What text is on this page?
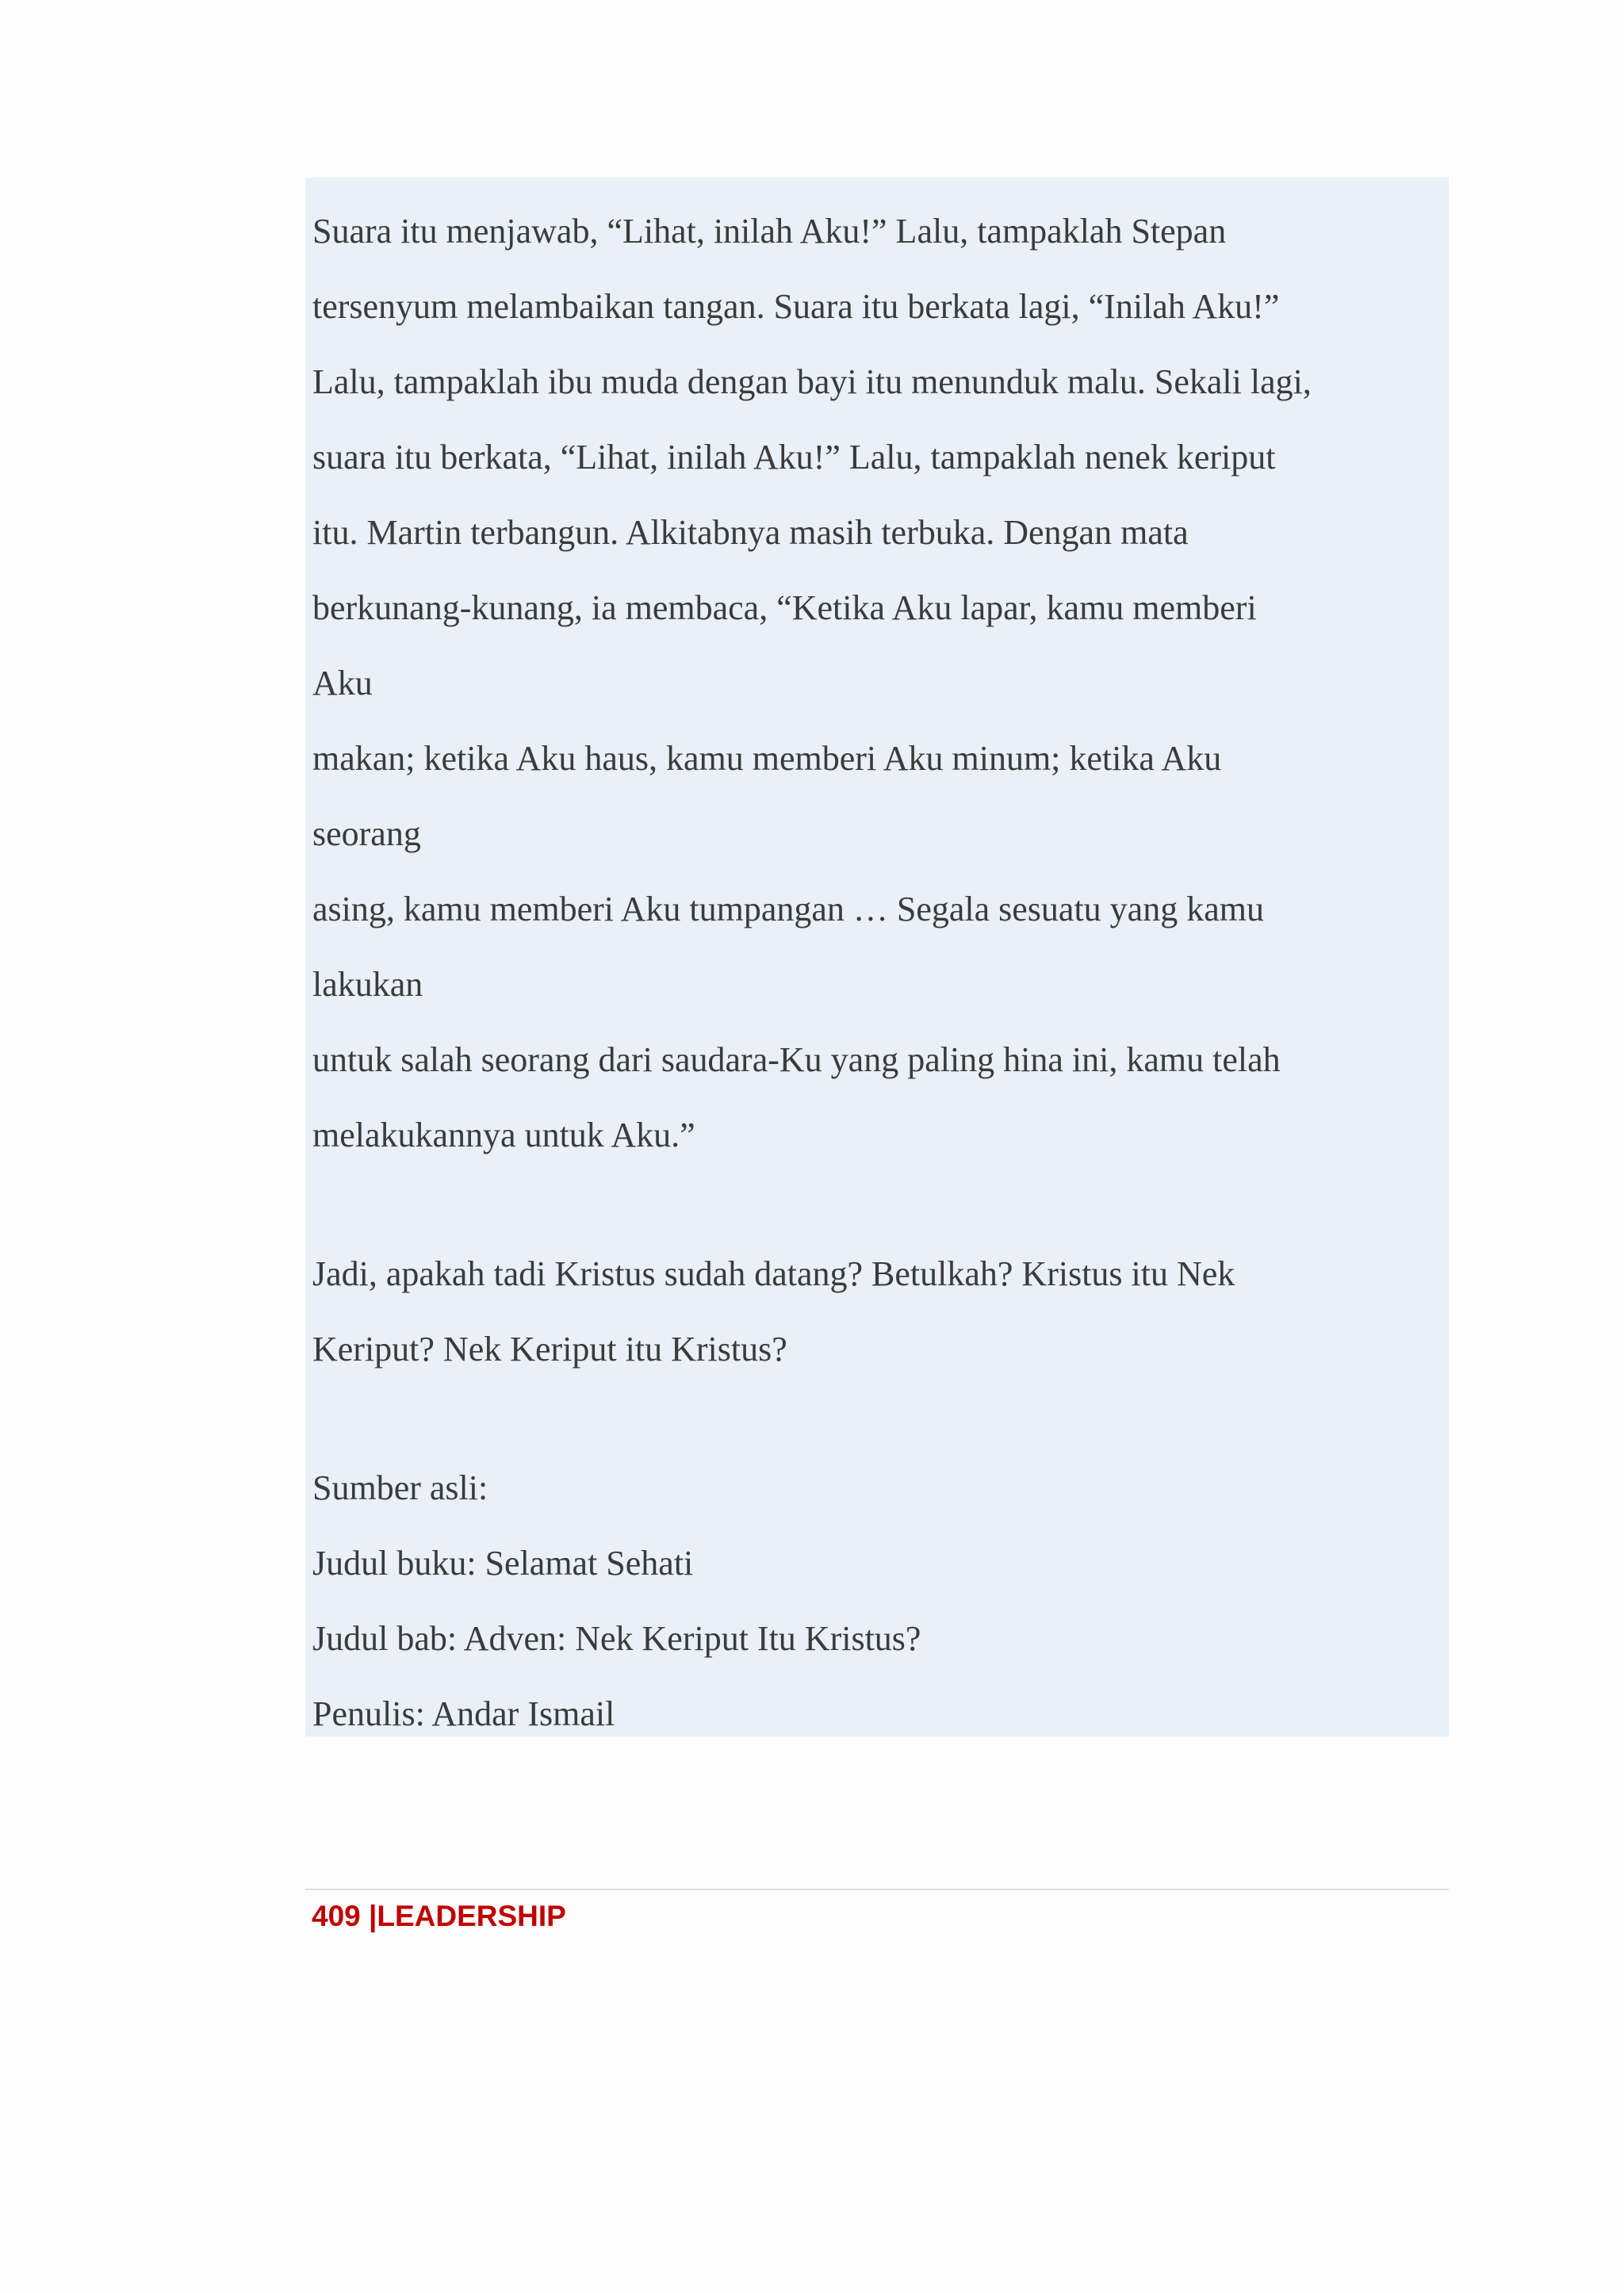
Suara itu menjawab, “Lihat, inilah Aku!” Lalu, tampaklah Stepan

tersenyum melambaikan tangan. Suara itu berkata lagi, “Inilah Aku!”

Lalu, tampaklah ibu muda dengan bayi itu menunduk malu. Sekali lagi,

suara itu berkata, “Lihat, inilah Aku!” Lalu, tampaklah nenek keriput

itu. Martin terbangun. Alkitabnya masih terbuka. Dengan mata

berkunang-kunang, ia membaca, “Ketika Aku lapar, kamu memberi

Aku

makan; ketika Aku haus, kamu memberi Aku minum; ketika Aku

seorang

asing, kamu memberi Aku tumpangan … Segala sesuatu yang kamu

lakukan

untuk salah seorang dari saudara-Ku yang paling hina ini, kamu telah

melakukannya untuk Aku.”

Jadi, apakah tadi Kristus sudah datang? Betulkah? Kristus itu Nek

Keriput? Nek Keriput itu Kristus?

Sumber asli:

Judul buku: Selamat Sehati

Judul bab: Adven: Nek Keriput Itu Kristus?

Penulis: Andar Ismail

409 |LEADERSHIP
